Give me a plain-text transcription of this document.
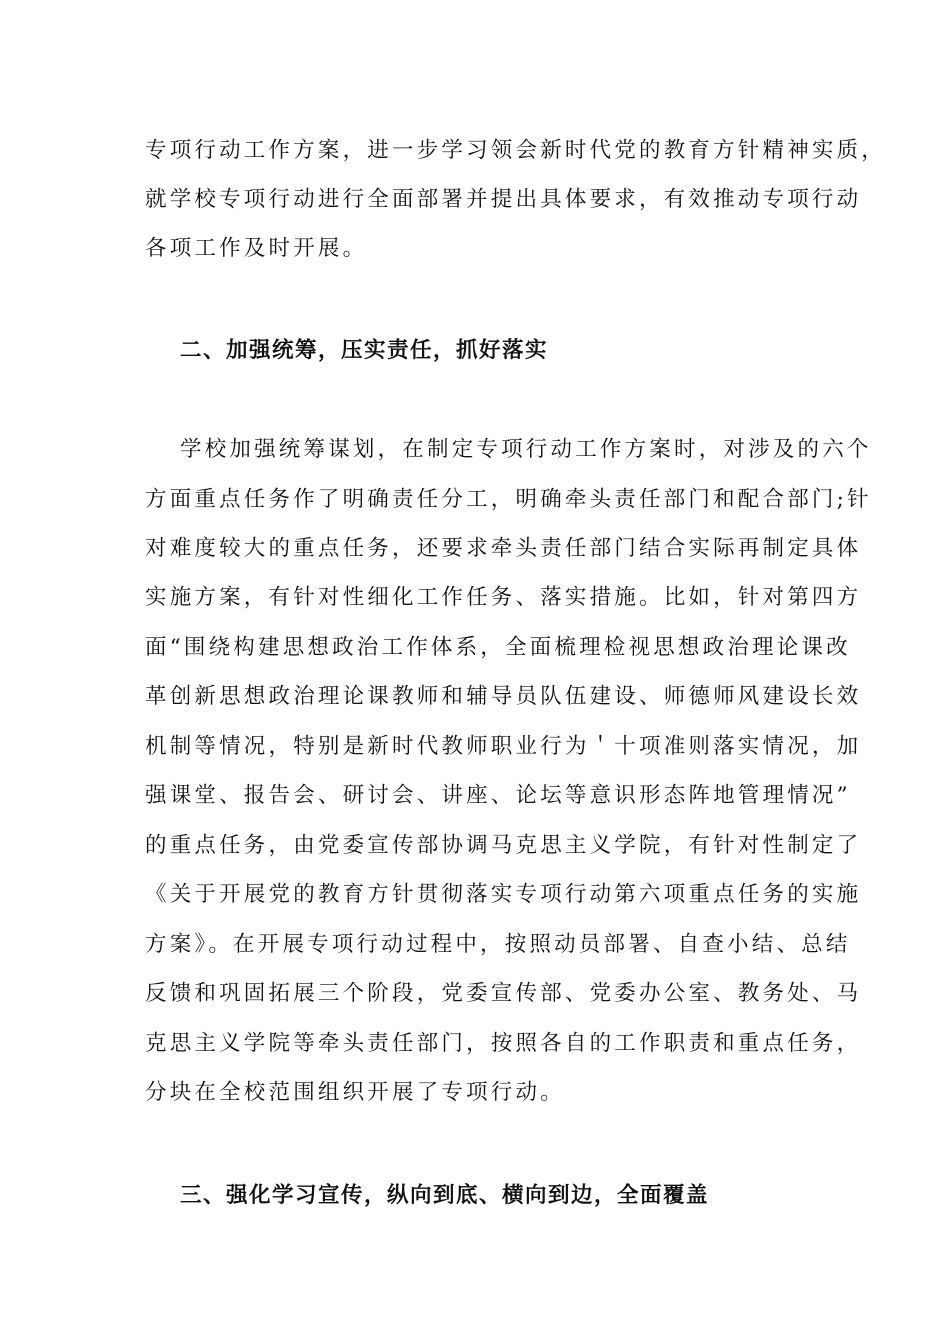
专项行动工作方案，进一步学习领会新时代党的教育方针精神实质，
就学校专项行动进行全面部署并提出具体要求，有效推动专项行动
各项工作及时开展。
二、加强统筹，压实责任，抓好落实
学校加强统筹谋划，在制定专项行动工作方案时，对涉及的六个
方面重点任务作了明确责任分工，明确牵头责任部门和配合部门;针
对难度较大的重点任务，还要求牵头责任部门结合实际再制定具体
实施方案，有针对性细化工作任务、落实措施。比如，针对第四方
面“围绕构建思想政治工作体系，全面梳理检视思想政治理论课改
革创新思想政治理论课教师和辅导员队伍建设、师德师风建设长效
机制等情况，特别是新时代教师职业行为＇十项准则落实情况，加
强课堂、报告会、研讨会、讲座、论坛等意识形态阵地管理情况”
的重点任务，由党委宣传部协调马克思主义学院，有针对性制定了
《关于开展党的教育方针贯彻落实专项行动第六项重点任务的实施
方案》。在开展专项行动过程中，按照动员部署、自查小结、总结
反馈和巩固拓展三个阶段，党委宣传部、党委办公室、教务处、马
克思主义学院等牵头责任部门，按照各自的工作职责和重点任务，
分块在全校范围组织开展了专项行动。
三、强化学习宣传，纵向到底、横向到边，全面覆盖
